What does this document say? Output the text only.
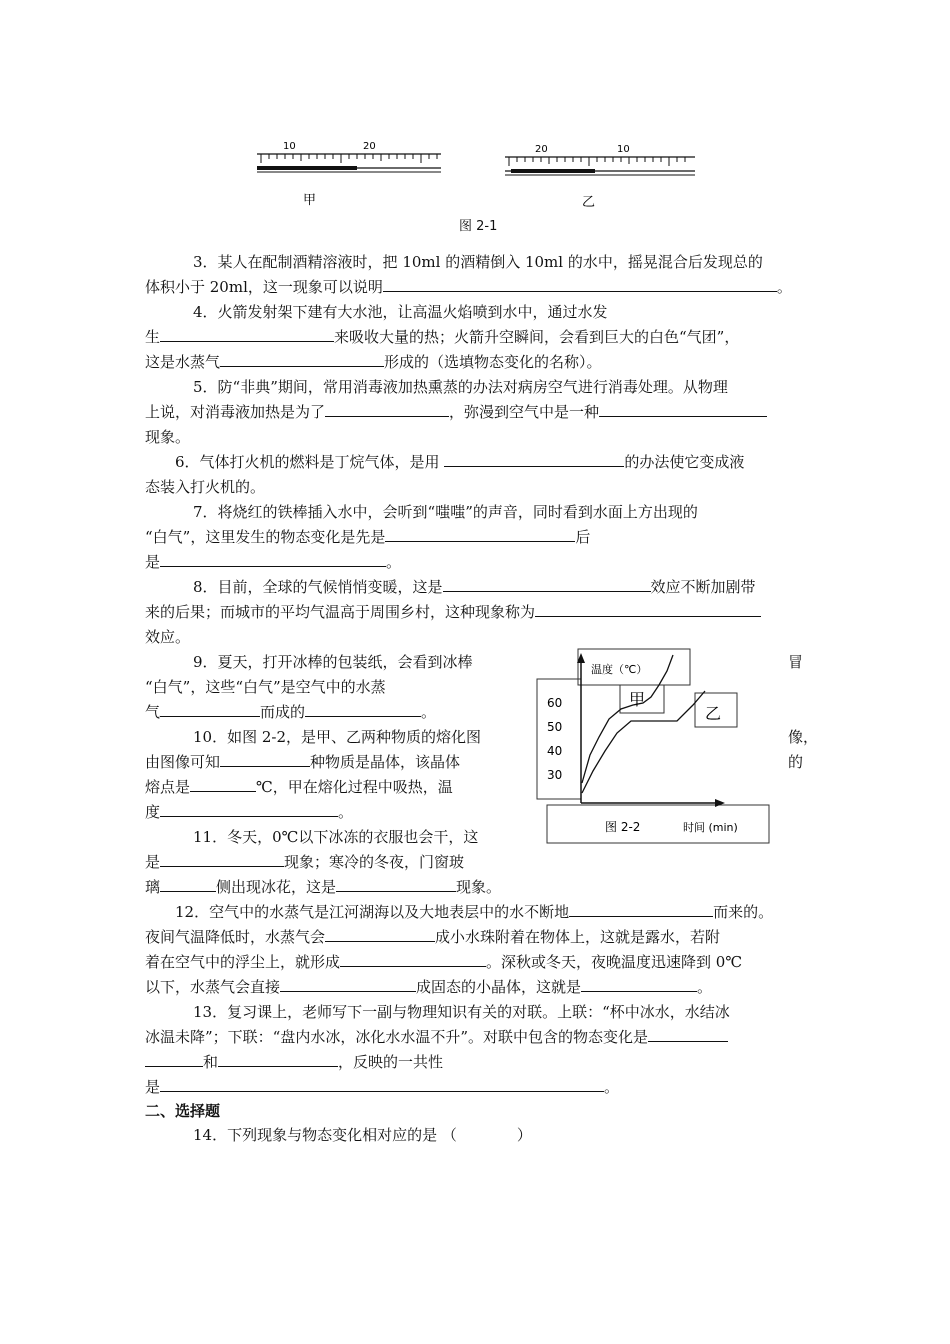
10	20
甲
20	10
乙
图 2-1
3．某人在配制酒精溶液时，把 10ml 的酒精倒入 10ml 的水中，摇晃混合后发现总的
体积小于 20ml，这一现象可以说明	。
4．火箭发射架下建有大水池，让高温火焰喷到水中，通过水发
生	来吸收大量的热；火箭升空瞬间，会看到巨大的白色“气团”，
这是水蒸气	形成的（选填物态变化的名称）。
5．防“非典”期间，常用消毒液加热熏蒸的办法对病房空气进行消毒处理。从物理
上说，对消毒液加热是为了	，弥漫到空气中是一种
现象。
6．气体打火机的燃料是丁烷气体，是用	的办法使它变成液
态装入打火机的。
7．将烧红的铁棒插入水中，会听到“嗤嗤”的声音，同时看到水面上方出现的
“白气”，这里发生的物态变化是先是	后
是	。
8．目前，全球的气候悄悄变暖，这是	效应不断加剧带
来的后果；而城市的平均气温高于周围乡村，这种现象称为
效应。
9．夏天，打开冰棒的包装纸，会看到冰棒	冒
“白气”，这些“白气”是空气中的水蒸
气	而成的	。
10．如图 2-2，是甲、乙两种物质的熔化图	像，
由图像可知	种物质是晶体，该晶体	的
熔点是	℃，甲在熔化过程中吸热，温
度	。
11．冬天，0℃以下冰冻的衣服也会干，这
是	现象；寒冷的冬夜，门窗玻
璃	侧出现冰花，这是	现象。
温度（℃）
60
50
40
30
甲
乙
图 2-2	时间 (min)
12．空气中的水蒸气是江河湖海以及大地表层中的水不断地	而来的。
夜间气温降低时，水蒸气会	成小水珠附着在物体上，这就是露水，若附
着在空气中的浮尘上，就形成	。深秋或冬天，夜晚温度迅速降到 0℃
以下，水蒸气会直接	成固态的小晶体，这就是	。
13．复习课上，老师写下一副与物理知识有关的对联。上联：“杯中冰水，水结冰
冰温未降”；下联：“盘内水冰，冰化水水温不升”。对联中包含的物态变化是
和	，反映的一共性
是	。
二、选择题
14．下列现象与物态变化相对应的是 （　　　　）
